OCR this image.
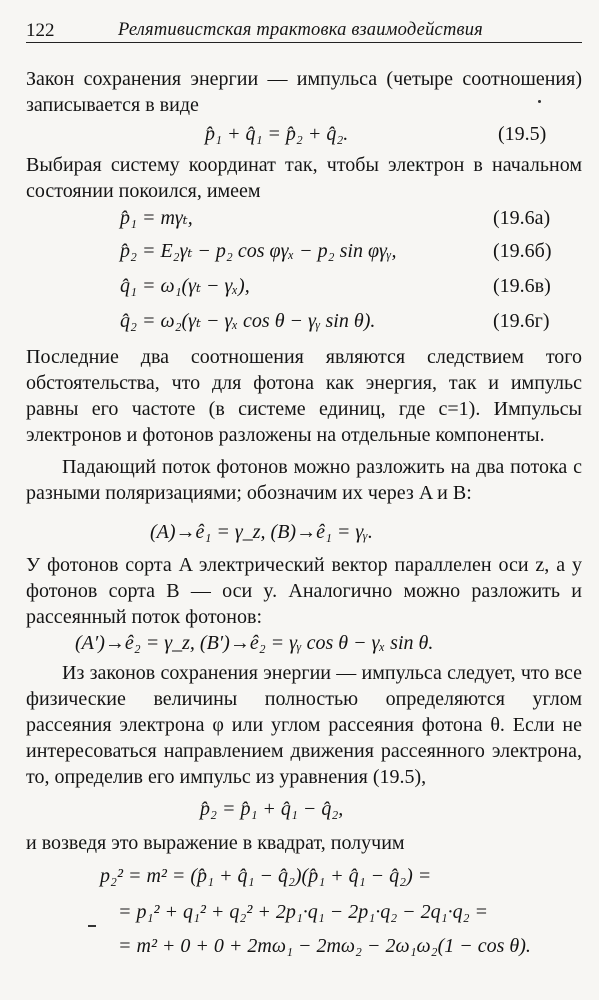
122	Релятивистская трактовка взаимодействия

Закон сохранения энергии — импульса (четыре соотношения) записывается в виде

p̂₁ + q̂₁ = p̂₂ + q̂₂.	(19.5)

Выбирая систему координат так, чтобы электрон в начальном состоянии покоился, имеем

p̂₁ = mγₜ,	(19.6а)
p̂₂ = E₂γₜ − p₂ cos φγₓ − p₂ sin φγᵧ,	(19.6б)
q̂₁ = ω₁(γₜ − γₓ),	(19.6в)
q̂₂ = ω₂(γₜ − γₓ cos θ − γᵧ sin θ).	(19.6г)

Последние два соотношения являются следствием того обстоятельства, что для фотона как энергия, так и импульс равны его частоте (в системе единиц, где c=1). Импульсы электронов и фотонов разложены на отдельные компоненты.

Падающий поток фотонов можно разложить на два потока с разными поляризациями; обозначим их через A и B:

(A)→ê₁ = γ_z, (B)→ê₁ = γᵧ.

У фотонов сорта A электрический вектор параллелен оси z, а у фотонов сорта B — оси y. Аналогично можно разложить и рассеянный поток фотонов:

(A′)→ê₂ = γ_z, (B′)→ê₂ = γᵧ cos θ − γₓ sin θ.

Из законов сохранения энергии — импульса следует, что все физические величины полностью определяются углом рассеяния электрона φ или углом рассеяния фотона θ. Если не интересоваться направлением движения рассеянного электрона, то, определив его импульс из уравнения (19.5),

p̂₂ = p̂₁ + q̂₁ − q̂₂,

и возведя это выражение в квадрат, получим

p₂² = m² = (p̂₁ + q̂₁ − q̂₂)(p̂₁ + q̂₁ − q̂₂) =
= p₁² + q₁² + q₂² + 2p₁·q₁ − 2p₁·q₂ − 2q₁·q₂ =
= m² + 0 + 0 + 2mω₁ − 2mω₂ − 2ω₁ω₂(1 − cos θ).
